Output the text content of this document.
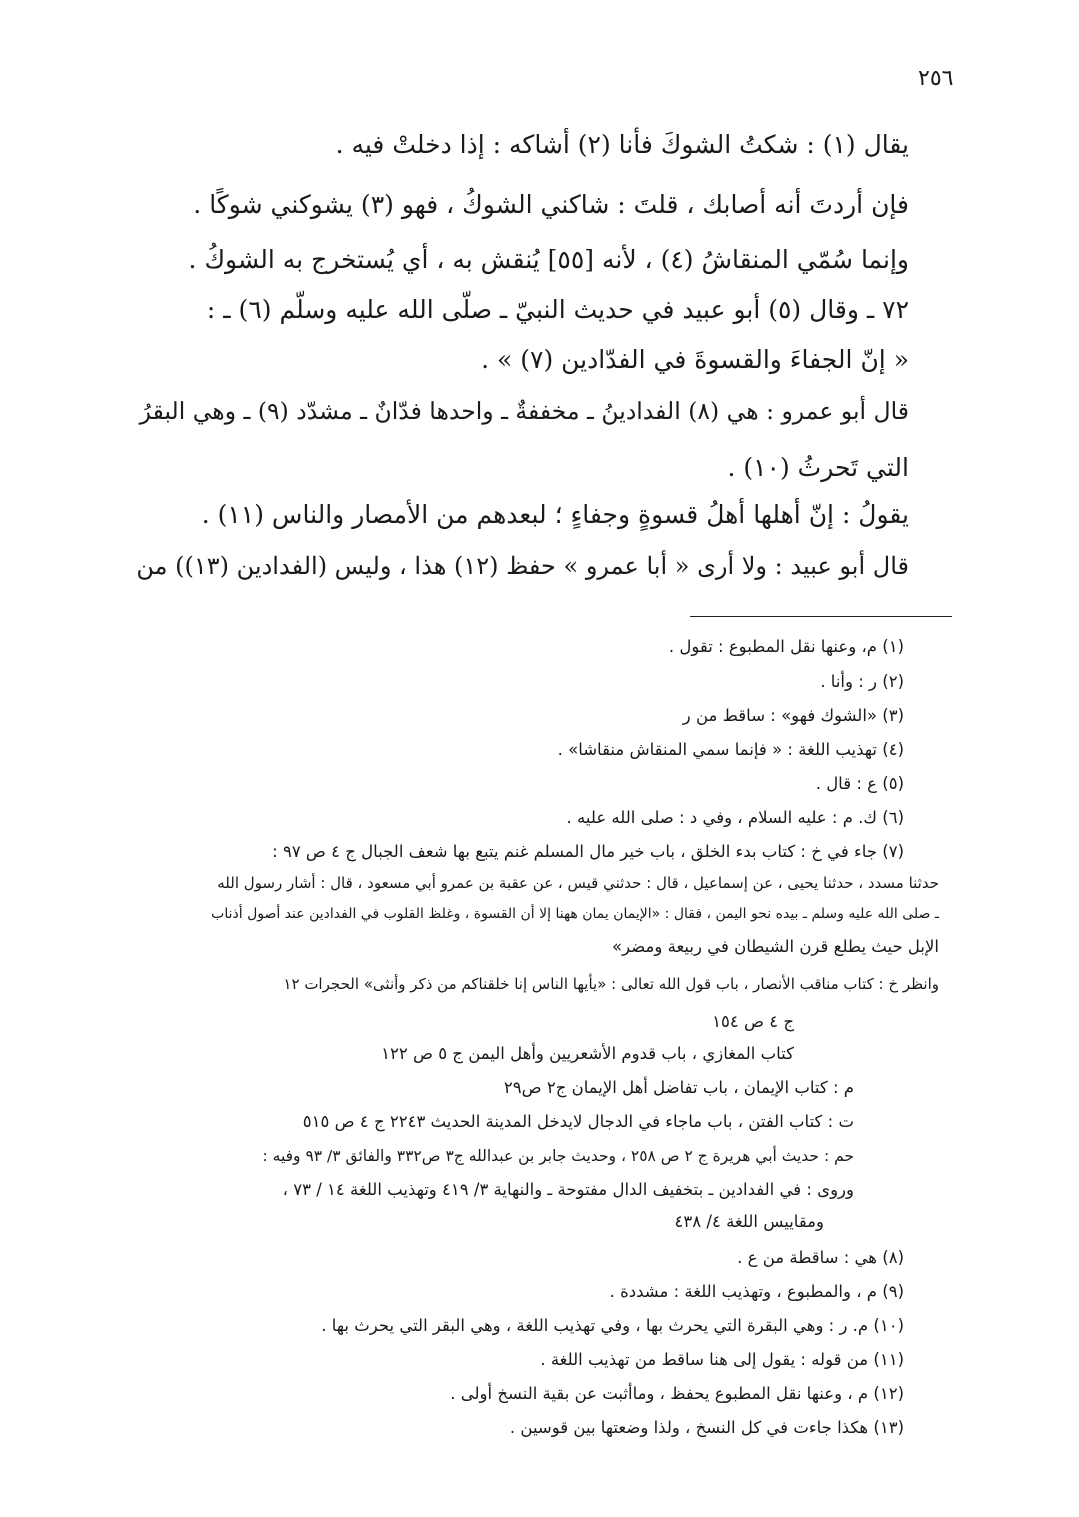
٢٥٦
يقال (١) : شكتُ الشوكَ فأنا (٢) أشاكه : إذا دخلتْ فيه .
فإن أردتَ أنه أصابك ، قلتَ : شاكني الشوكُ ، فهو (٣) يشوكني شوكًا .
وإنما سُمّي المنقاشُ (٤) ، لأنه [٥٥] يُنقش به ، أي يُستخرج به الشوكُ .
٧٢ ـ وقال (٥) أبو عبيد في حديث النبيّ ـ صلّى الله عليه وسلّم (٦) ـ :
« إنّ الجفاءَ والقسوةَ في الفدّادين (٧) » .
قال أبو عمرو : هي (٨) الفدادينُ ـ مخففةٌ ـ واحدها فدّانٌ ـ مشدّد (٩) ـ وهي البقرُ
التي تَحرثُ (١٠) .
يقولُ : إنّ أهلها أهلُ قسوةٍ وجفاءٍ ؛ لبعدهم من الأمصار والناس (١١) .
قال أبو عبيد : ولا أرى « أبا عمرو » حفظ (١٢) هذا ، وليس (الفدادين (١٣)) من
(١) م، وعنها نقل المطبوع : تقول .
(٢) ر : وأنا .
(٣) «الشوك فهو» : ساقط من ر
(٤) تهذيب اللغة : « فإنما سمي المنقاش منقاشا» .
(٥) ع : قال .
(٦) ك. م : عليه السلام ، وفي د : صلى الله عليه .
(٧) جاء في خ : كتاب بدء الخلق ، باب خير مال المسلم غنم يتبع بها شعف الجبال ج ٤ ص ٩٧ :
حدثنا مسدد ، حدثنا يحيى ، عن إسماعيل ، قال : حدثني قيس ، عن عقبة بن عمرو أبي مسعود ، قال : أشار رسول الله
ـ صلى الله عليه وسلم ـ بيده نحو اليمن ، فقال : «الإيمان يمان ههنا إلا أن القسوة ، وغلظ القلوب في الفدادين عند أصول أذناب
الإبل حيث يطلع قرن الشيطان في ربيعة ومضر»
وانظر خ : كتاب مناقب الأنصار ، باب قول الله تعالى : «يأيها الناس إنا خلقناكم من ذكر وأنثى» الحجرات ١٢
ج ٤ ص ١٥٤
كتاب المغازي ، باب قدوم الأشعريين وأهل اليمن ج ٥ ص ١٢٢
م : كتاب الإيمان ، باب تفاضل أهل الإيمان ج٢ ص٢٩
ت : كتاب الفتن ، باب ماجاء في الدجال لايدخل المدينة الحديث ٢٢٤٣ ج ٤ ص ٥١٥
حم : حديث أبي هريرة ج ٢ ص ٢٥٨ ، وحديث جابر بن عبدالله ج٣ ص٣٣٢ والفائق ٣/ ٩٣ وفيه :
وروى : في الفدادين ـ بتخفيف الدال مفتوحة ـ والنهاية ٣/ ٤١٩ وتهذيب اللغة ١٤ / ٧٣ ،
ومقاييس اللغة ٤/ ٤٣٨
(٨) هي : ساقطة من ع .
(٩) م ، والمطبوع ، وتهذيب اللغة : مشددة .
(١٠) م. ر : وهي البقرة التي يحرث بها ، وفي تهذيب اللغة ، وهي البقر التي يحرث بها .
(١١) من قوله : يقول إلى هنا ساقط من تهذيب اللغة .
(١٢) م ، وعنها نقل المطبوع يحفظ ، وماأثبت عن بقية النسخ أولى .
(١٣) هكذا جاءت في كل النسخ ، ولذا وضعتها بين قوسين .
